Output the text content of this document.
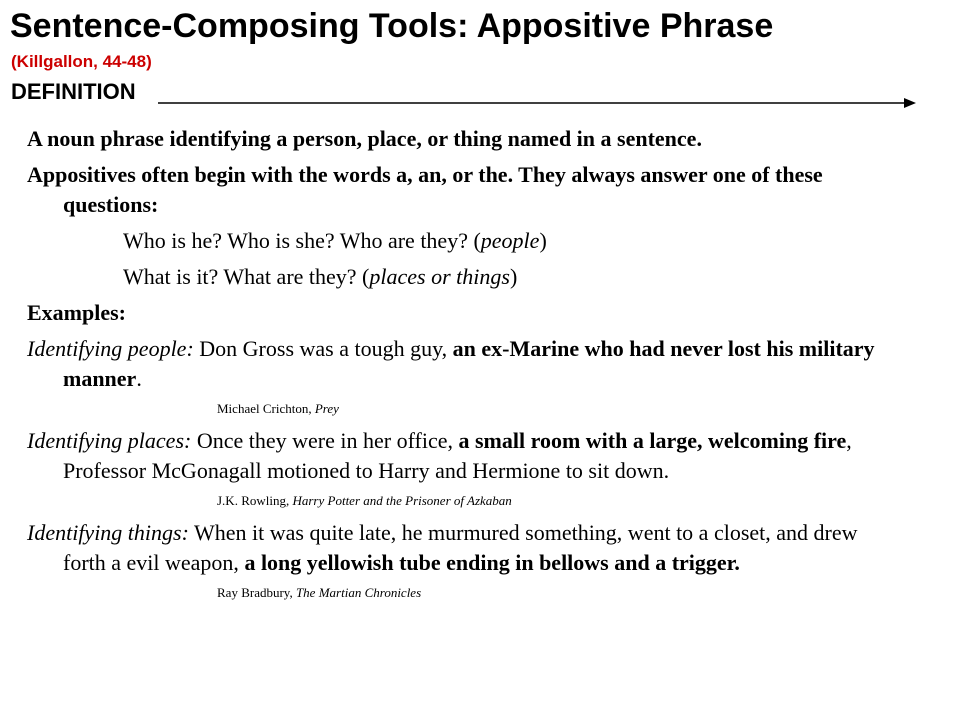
Sentence-Composing Tools: Appositive Phrase
(Killgallon, 44-48)
DEFINITION

A noun phrase identifying a person, place, or thing named in a sentence.

Appositives often begin with the words a, an, or the. They always answer one of these questions:

Who is he? Who is she? Who are they? (people)

What is it? What are they? (places or things)

Examples:

Identifying people: Don Gross was a tough guy, an ex-Marine who had never lost his military manner.

Michael Crichton, Prey

Identifying places: Once they were in her office, a small room with a large, welcoming fire, Professor McGonagall motioned to Harry and Hermione to sit down.

J.K. Rowling, Harry Potter and the Prisoner of Azkaban

Identifying things: When it was quite late, he murmured something, went to a closet, and drew forth a evil weapon, a long yellowish tube ending in bellows and a trigger.

Ray Bradbury, The Martian Chronicles
